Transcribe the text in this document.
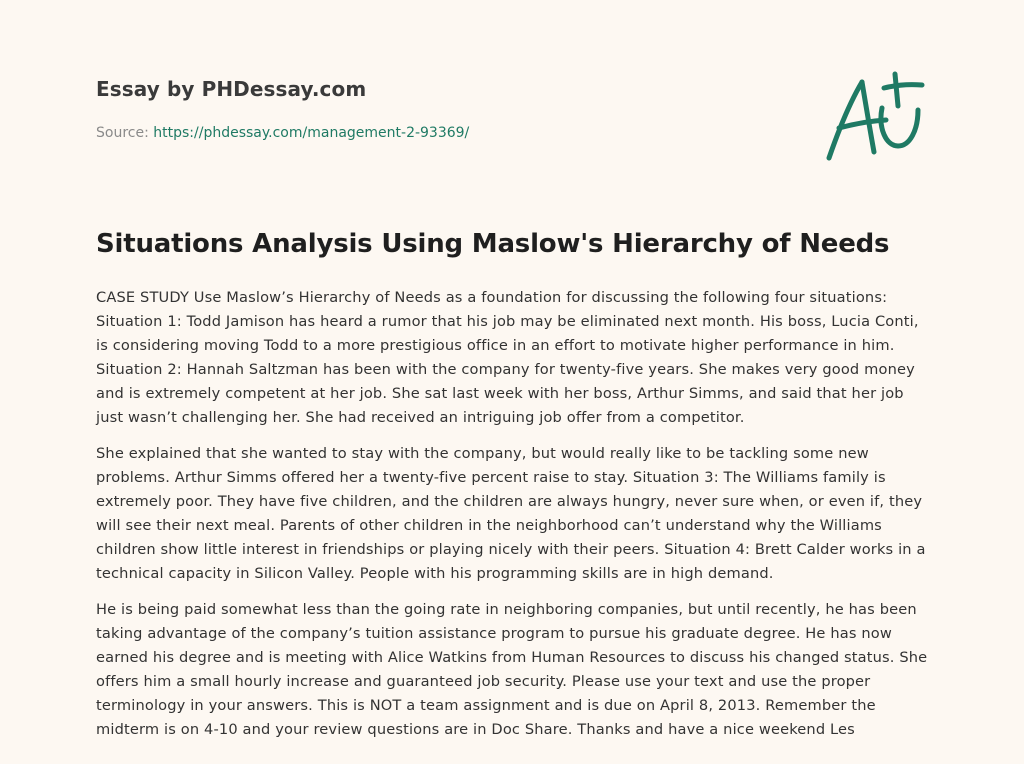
Essay by PHDessay.com
Source: https://phdessay.com/management-2-93369/
Situations Analysis Using Maslow's Hierarchy of Needs

CASE STUDY Use Maslow’s Hierarchy of Needs as a foundation for discussing the following four situations: Situation 1: Todd Jamison has heard a rumor that his job may be eliminated next month. His boss, Lucia Conti, is considering moving Todd to a more prestigious office in an effort to motivate higher performance in him. Situation 2: Hannah Saltzman has been with the company for twenty-five years. She makes very good money and is extremely competent at her job. She sat last week with her boss, Arthur Simms, and said that her job just wasn’t challenging her. She had received an intriguing job offer from a competitor.

She explained that she wanted to stay with the company, but would really like to be tackling some new problems. Arthur Simms offered her a twenty-five percent raise to stay. Situation 3: The Williams family is extremely poor. They have five children, and the children are always hungry, never sure when, or even if, they will see their next meal. Parents of other children in the neighborhood can’t understand why the Williams children show little interest in friendships or playing nicely with their peers. Situation 4: Brett Calder works in a technical capacity in Silicon Valley. People with his programming skills are in high demand.

He is being paid somewhat less than the going rate in neighboring companies, but until recently, he has been taking advantage of the company’s tuition assistance program to pursue his graduate degree. He has now earned his degree and is meeting with Alice Watkins from Human Resources to discuss his changed status. She offers him a small hourly increase and guaranteed job security. Please use your text and use the proper terminology in your answers. This is NOT a team assignment and is due on April 8, 2013. Remember the midterm is on 4-10 and your review questions are in Doc Share. Thanks and have a nice weekend Les
